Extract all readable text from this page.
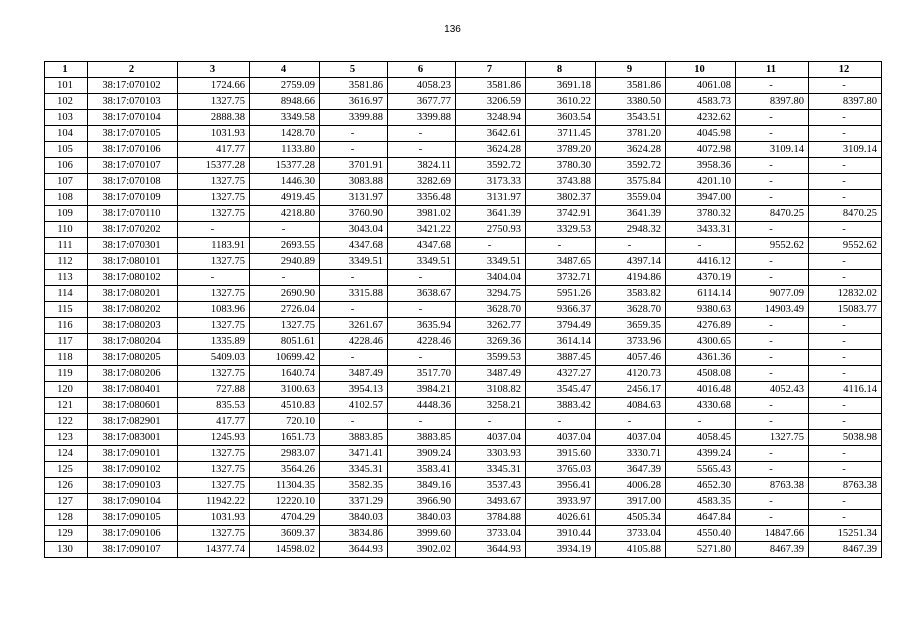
136
1	2	3	4	5	6	7	8	9	10	11	12
101	38:17:070102	1724.66	2759.09	3581.86	4058.23	3581.86	3691.18	3581.86	4061.08	-	-
102	38:17:070103	1327.75	8948.66	3616.97	3677.77	3206.59	3610.22	3380.50	4583.73	8397.80	8397.80
103	38:17:070104	2888.38	3349.58	3399.88	3399.88	3248.94	3603.54	3543.51	4232.62	-	-
104	38:17:070105	1031.93	1428.70	-	-	3642.61	3711.45	3781.20	4045.98	-	-
105	38:17:070106	417.77	1133.80	-	-	3624.28	3789.20	3624.28	4072.98	3109.14	3109.14
106	38:17:070107	15377.28	15377.28	3701.91	3824.11	3592.72	3780.30	3592.72	3958.36	-	-
107	38:17:070108	1327.75	1446.30	3083.88	3282.69	3173.33	3743.88	3575.84	4201.10	-	-
108	38:17:070109	1327.75	4919.45	3131.97	3356.48	3131.97	3802.37	3559.04	3947.00	-	-
109	38:17:070110	1327.75	4218.80	3760.90	3981.02	3641.39	3742.91	3641.39	3780.32	8470.25	8470.25
110	38:17:070202	-	-	3043.04	3421.22	2750.93	3329.53	2948.32	3433.31	-	-
111	38:17:070301	1183.91	2693.55	4347.68	4347.68	-	-	-	-	9552.62	9552.62
112	38:17:080101	1327.75	2940.89	3349.51	3349.51	3349.51	3487.65	4397.14	4416.12	-	-
113	38:17:080102	-	-	-	-	3404.04	3732.71	4194.86	4370.19	-	-
114	38:17:080201	1327.75	2690.90	3315.88	3638.67	3294.75	5951.26	3583.82	6114.14	9077.09	12832.02
115	38:17:080202	1083.96	2726.04	-	-	3628.70	9366.37	3628.70	9380.63	14903.49	15083.77
116	38:17:080203	1327.75	1327.75	3261.67	3635.94	3262.77	3794.49	3659.35	4276.89	-	-
117	38:17:080204	1335.89	8051.61	4228.46	4228.46	3269.36	3614.14	3733.96	4300.65	-	-
118	38:17:080205	5409.03	10699.42	-	-	3599.53	3887.45	4057.46	4361.36	-	-
119	38:17:080206	1327.75	1640.74	3487.49	3517.70	3487.49	4327.27	4120.73	4508.08	-	-
120	38:17:080401	727.88	3100.63	3954.13	3984.21	3108.82	3545.47	2456.17	4016.48	4052.43	4116.14
121	38:17:080601	835.53	4510.83	4102.57	4448.36	3258.21	3883.42	4084.63	4330.68	-	-
122	38:17:082901	417.77	720.10	-	-	-	-	-	-	-	-
123	38:17:083001	1245.93	1651.73	3883.85	3883.85	4037.04	4037.04	4037.04	4058.45	1327.75	5038.98
124	38:17:090101	1327.75	2983.07	3471.41	3909.24	3303.93	3915.60	3330.71	4399.24	-	-
125	38:17:090102	1327.75	3564.26	3345.31	3583.41	3345.31	3765.03	3647.39	5565.43	-	-
126	38:17:090103	1327.75	11304.35	3582.35	3849.16	3537.43	3956.41	4006.28	4652.30	8763.38	8763.38
127	38:17:090104	11942.22	12220.10	3371.29	3966.90	3493.67	3933.97	3917.00	4583.35	-	-
128	38:17:090105	1031.93	4704.29	3840.03	3840.03	3784.88	4026.61	4505.34	4647.84	-	-
129	38:17:090106	1327.75	3609.37	3834.86	3999.60	3733.04	3910.44	3733.04	4550.40	14847.66	15251.34
130	38:17:090107	14377.74	14598.02	3644.93	3902.02	3644.93	3934.19	4105.88	5271.80	8467.39	8467.39
